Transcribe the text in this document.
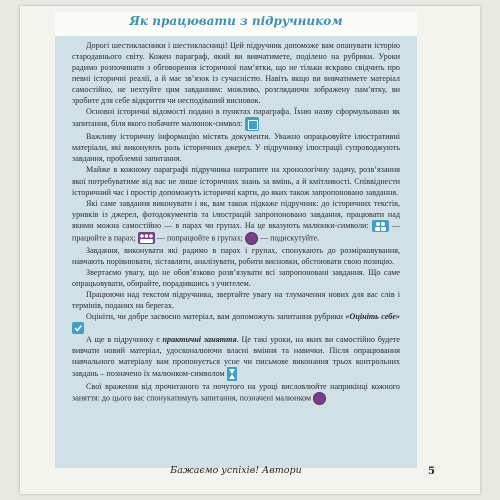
Як працювати з підручником

Дорогі шестикласники і шестикласниці! Цей підручник допоможе вам опанувати історію стародавнього світу. Кожен параграф, який ви вивчатимете, поділено на рубрики. Уроки радимо розпочинати з обговорення історичної пам’ятки, що не тільки яскраво свідчить про певні історичні реалії, а й має зв’язок із сучасністю. Навіть якщо ви вивчатимете матеріал самостійно, не нехтуйте цим завданням: можливо, розглядаючи зображену пам’ятку, ви зробите для себе відкриття чи несподіваний висновок.

Основні історичні відомості подано в пунктах параграфа. Їхню назву сформульовано як запитання, біля якого побачите малюнок-символ:

Важливу історичну інформацію містять документи. Уважно опрацьовуйте ілюстративні матеріали, які виконують роль історичних джерел. У підручнику ілюстрації супроводжують завдання, проблемні запитання.

Майже в кожному параграфі підручника натрапите на хронологічну задачу, розв’язання якої потребуватиме від вас не лише історичних знань за вмінь, а й кмітливості. Співвіднести історичний час і простір допоможуть історичні карти, до яких також запропоновано завдання.

Які саме завдання виконувати і як, вам також підкаже підручник: до історичних текстів, уривків із джерел, фотодокументів та ілюстрацій запропоновано завдання, працювати над якими можна самостійно — в парах чи групах. На це вказують малюнки-символи:	— працюйте в парах;	— попрацюйте в групах;  — подискутуйте.

Завдання, виконувати які радимо в парах і групах, спонукають до розмірковування, навчають порівнювати, зіставляти, аналізувати, робити висновки, обстоювати свою позицію.

Звертаємо увагу, що не обов’язково розв’язувати всі запропоновані завдання. Що саме опрацьовувати, обирайте, порадившись з учителем.

Працюючи над текстом підручника, звертайте увагу на тлумачення нових для вас слів і термінів, поданих на берегах.

Оцініти, чи добре засвоєно матеріал, вам допоможуть запитання рубрики «Оцініть себе»

А ще в підручнику є практичні заняття. Це такі уроки, на яких ви самостійно будете вивчати новий матеріал, удосконалюючи власні вміння та навички. Після опрацювання навчального матеріалу вам пропонується усне чи письмове виконання трьох контрольних завдань – позначено їх малюнком-символом

Свої враження від прочитаного та почутого на уроці висловлюйте наприкінці кожного заняття: до цього вас спонукатимуть запитання, позначені малюнком

Бажаємо успіхів! Автори	5
